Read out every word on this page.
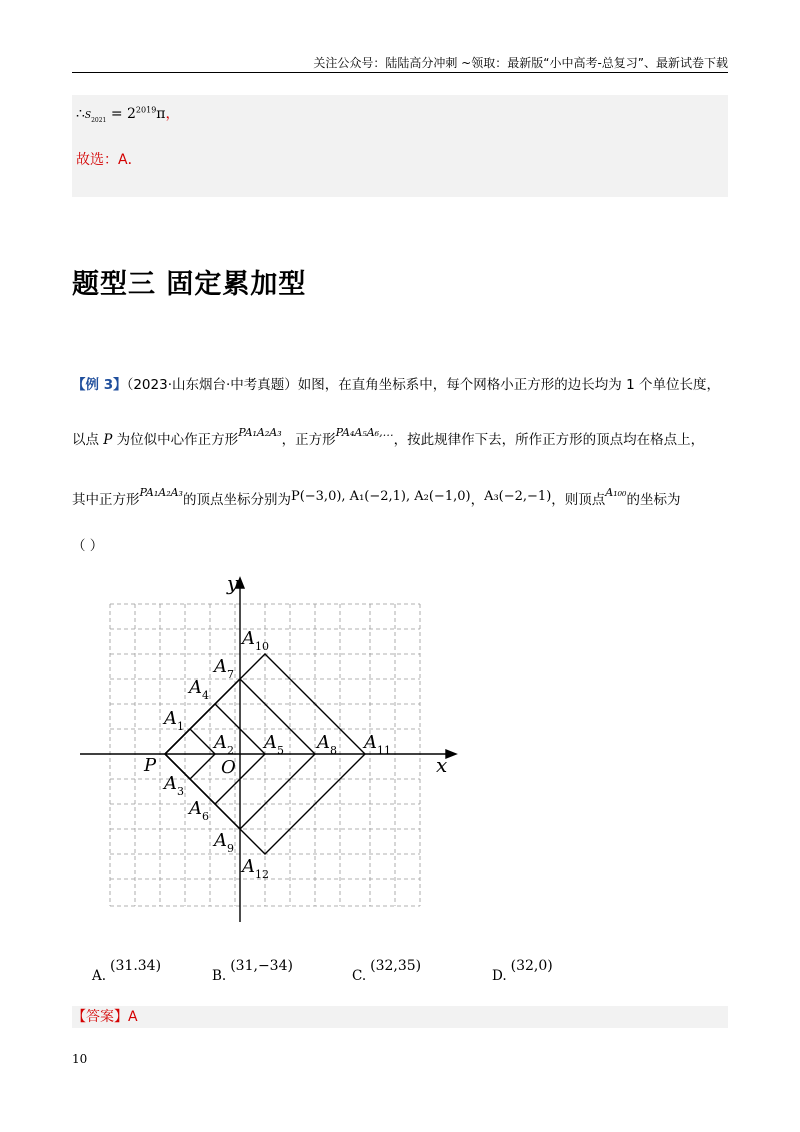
关注公众号：陆陆高分冲刺 ~领取：最新版“小中高考-总复习”、最新试卷下载
$\therefore S_{2021} = 2^{2019}\pi$，
故选：A．
题型三 固定累加型
【例 3】（2023·山东烟台·中考真题）如图，在直角坐标系中，每个网格小正方形的边长均为 1 个单位长度，
以点 P 为位似中心作正方形$^{PA_1A_2A_3}$，正方形$^{PA_4A_5A_6,\dots}$，按此规律作下去，所作正方形的顶点均在格点上，
其中正方形$^{PA_1A_2A_3}$的顶点坐标分别为P(−3,0), A₁(−2,1), A₂(−1,0)，A₃(−2,−1)，则顶点$^{A_{100}}$的坐标为
（ ）
y
x
O
P
$A_1$
$A_2$
$A_3$
$A_4$
$A_5$
$A_6$
$A_7$
$A_8$
$A_9$
$A_{10}$
$A_{11}$
$A_{12}$
A.(31.34)
B.(31,−34)
C.(32,35)
D.(32,0)
【答案】A
10
